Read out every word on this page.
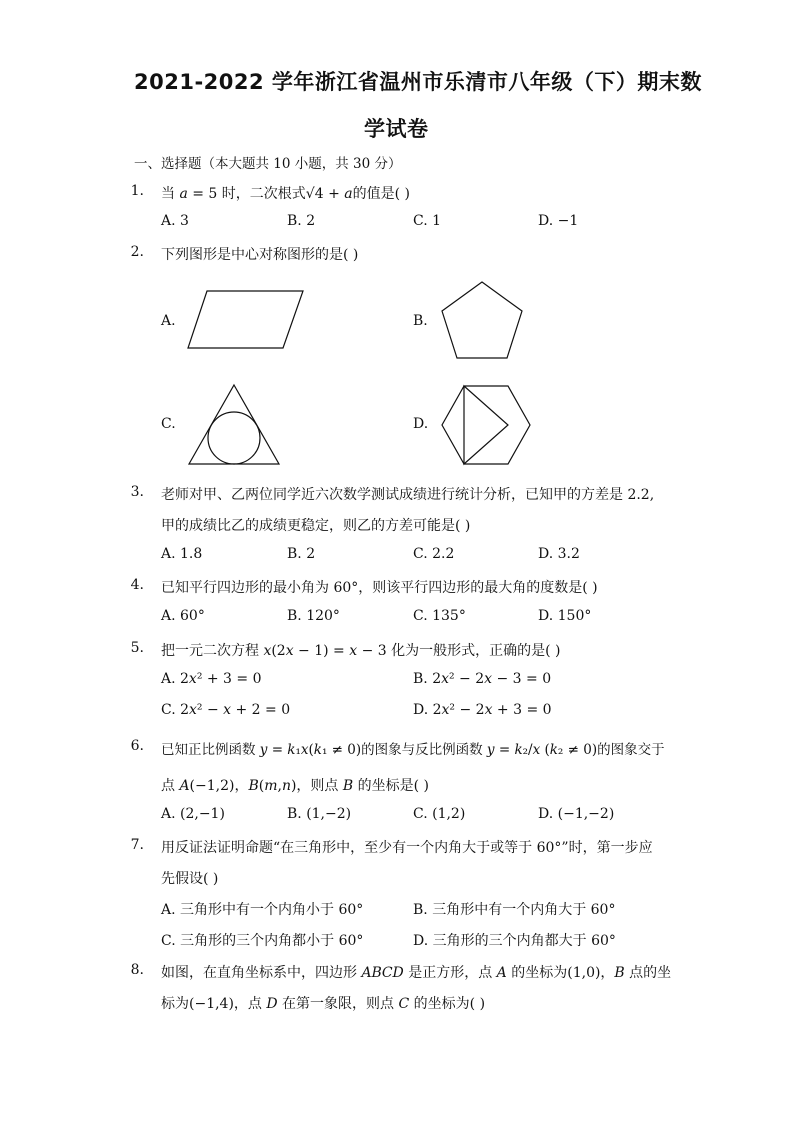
2021-2022 学年浙江省温州市乐清市八年级（下）期末数
学试卷
一、选择题（本大题共 10 小题，共 30 分）
1. 当 𝑎 = 5 时，二次根式√4 + 𝑎的值是( )
A. 3	B. 2	C. 1	D. −1
2. 下列图形是中心对称图形的是( )
A.	B.
C.	D.
3. 老师对甲、乙两位同学近六次数学测试成绩进行统计分析，已知甲的方差是 2.2,
甲的成绩比乙的成绩更稳定，则乙的方差可能是( )
A. 1.8	B. 2	C. 2.2	D. 3.2
4. 已知平行四边形的最小角为 60°，则该平行四边形的最大角的度数是( )
A. 60°	B. 120°	C. 135°	D. 150°
5. 把一元二次方程 𝑥(2𝑥 − 1) = 𝑥 − 3 化为一般形式，正确的是( )
A. 2𝑥² + 3 = 0	B. 2𝑥² − 2𝑥 − 3 = 0
C. 2𝑥² − 𝑥 + 2 = 0	D. 2𝑥² − 2𝑥 + 3 = 0
6. 已知正比例函数 𝑦 = 𝑘₁𝑥(𝑘₁ ≠ 0)的图象与反比例函数 𝑦 = 𝑘₂/𝑥 (𝑘₂ ≠ 0)的图象交于
点 𝐴(−1,2)，𝐵(𝑚,𝑛)，则点 𝐵 的坐标是( )
A. (2,−1)	B. (1,−2)	C. (1,2)	D. (−1,−2)
7. 用反证法证明命题“在三角形中，至少有一个内角大于或等于 60°”时，第一步应
先假设( )
A. 三角形中有一个内角小于 60°	B. 三角形中有一个内角大于 60°
C. 三角形的三个内角都小于 60°	D. 三角形的三个内角都大于 60°
8. 如图，在直角坐标系中，四边形 𝐴𝐵𝐶𝐷 是正方形，点 𝐴 的坐标为(1,0)，𝐵 点的坐
标为(−1,4)，点 𝐷 在第一象限，则点 𝐶 的坐标为( )
